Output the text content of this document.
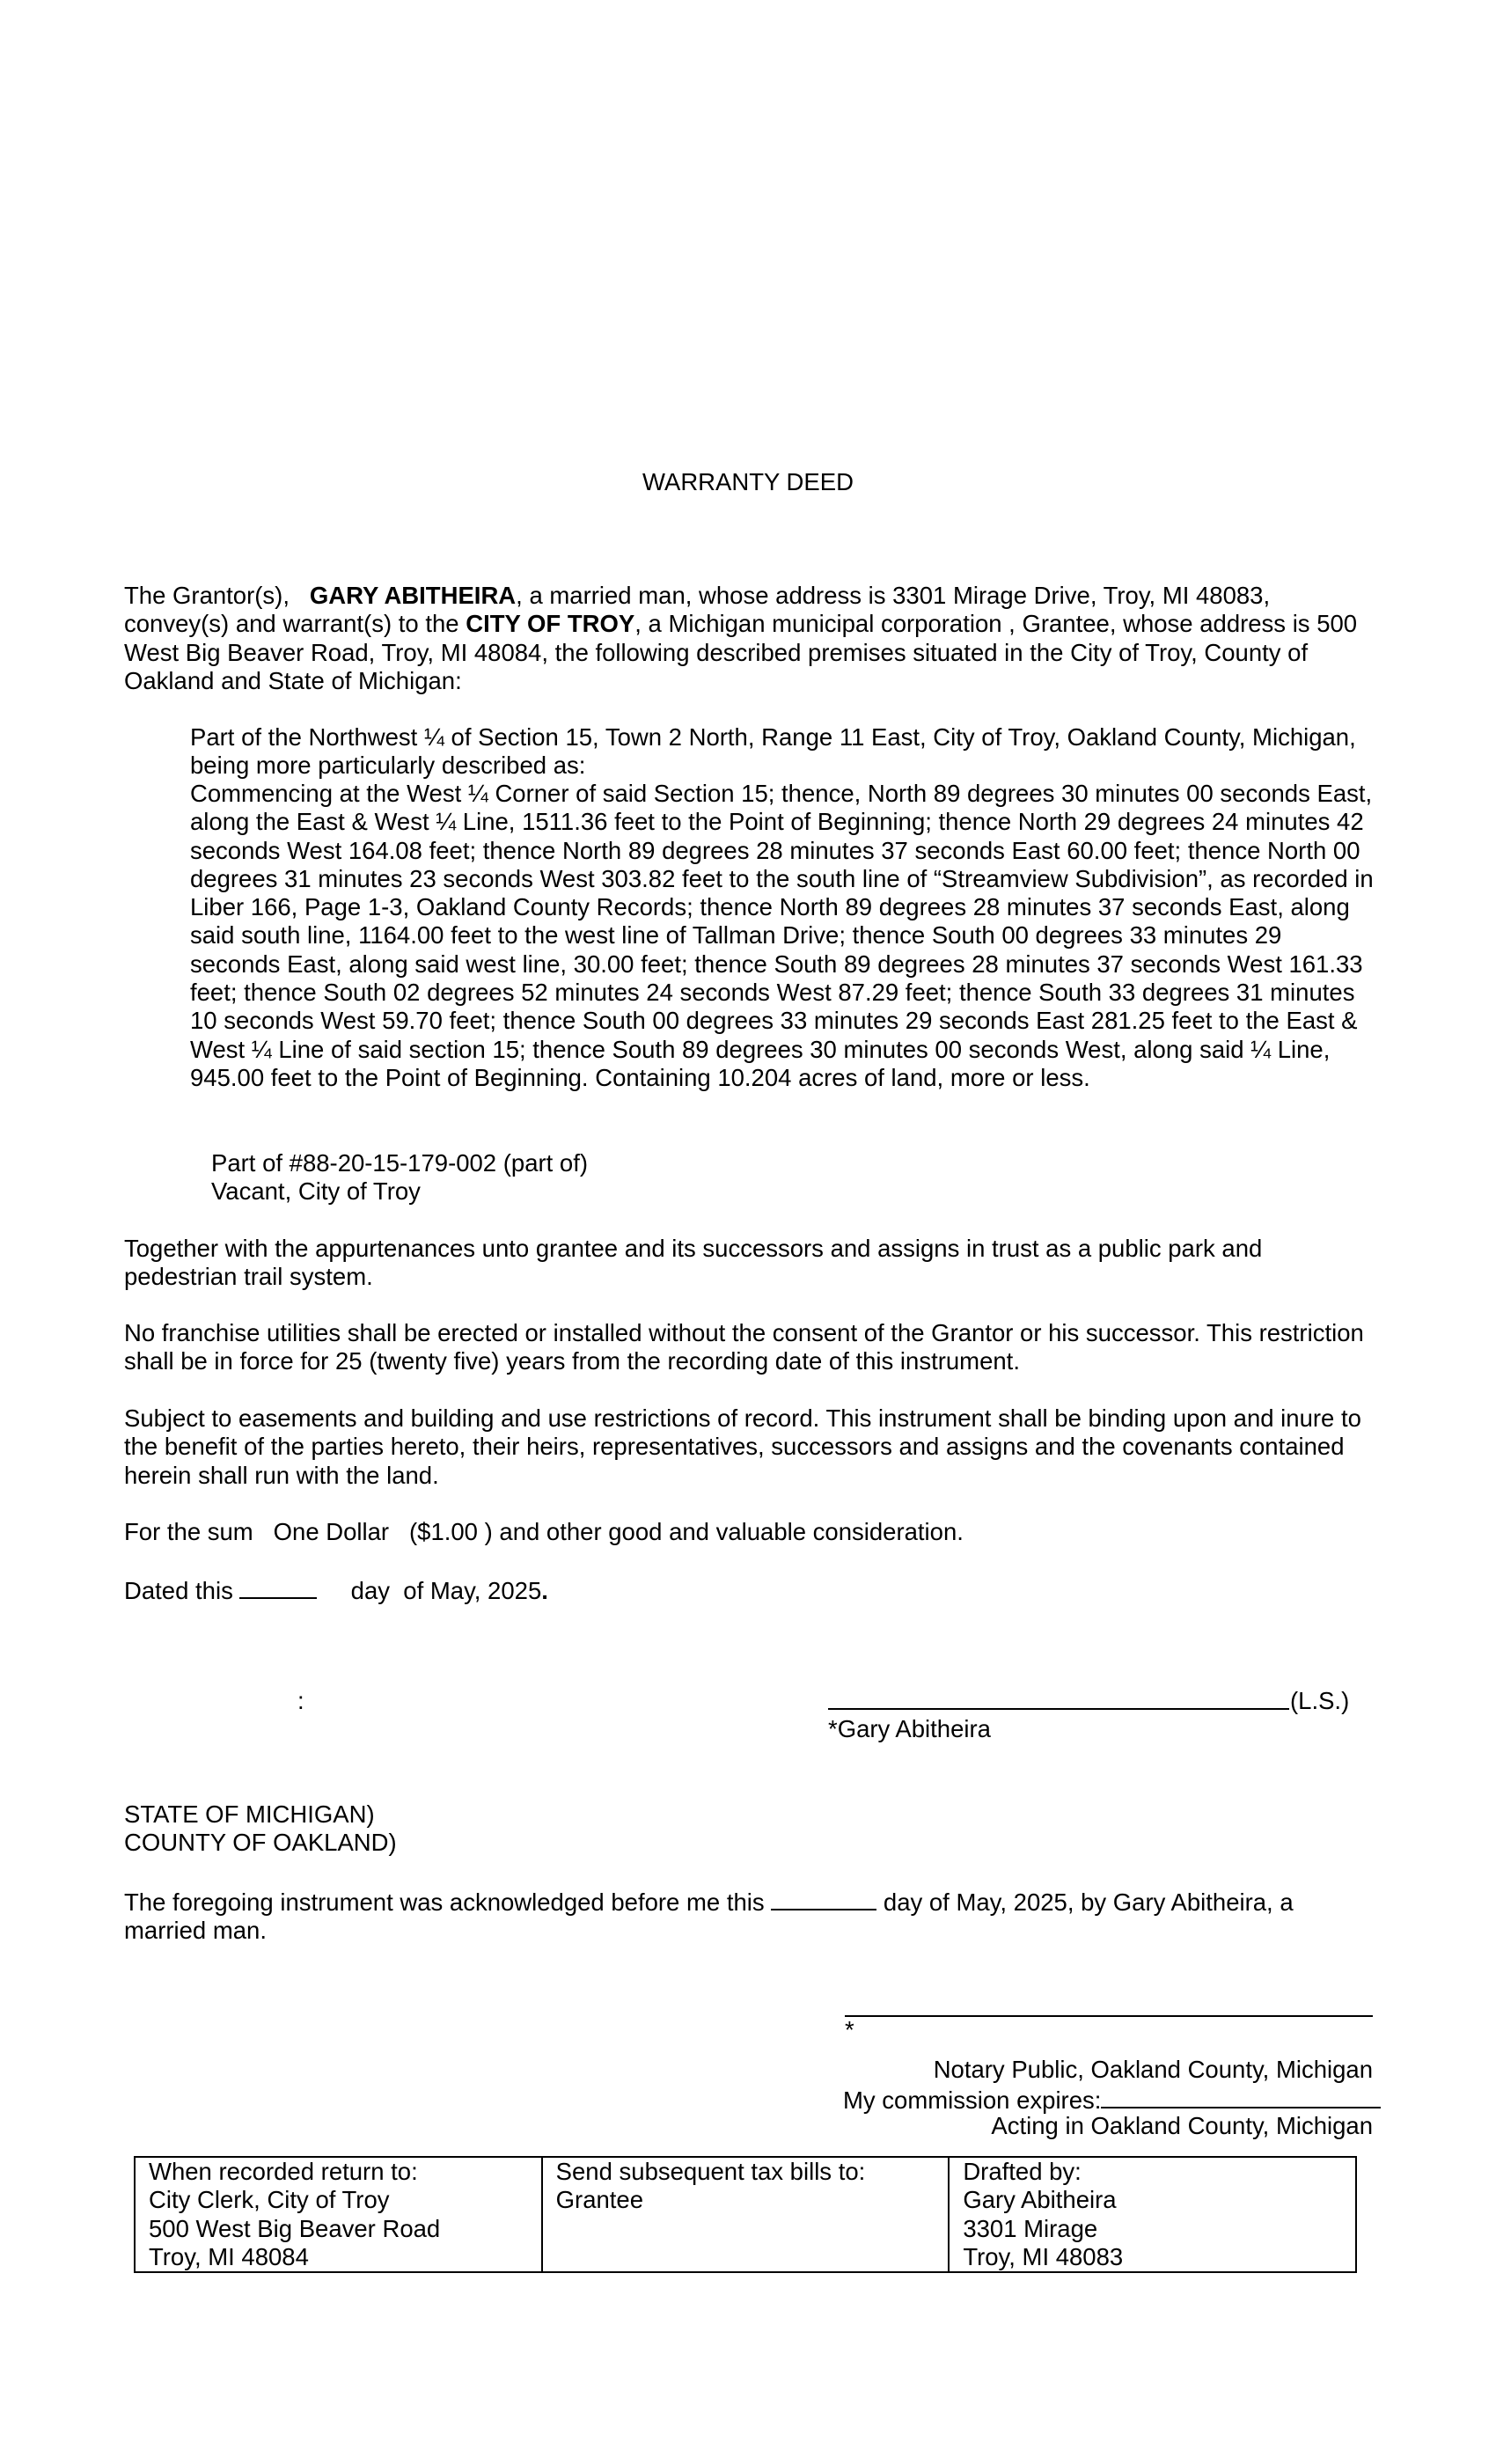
WARRANTY DEED

The Grantor(s),   GARY ABITHEIRA, a married man, whose address is 3301 Mirage Drive, Troy, MI 48083, convey(s) and warrant(s) to the CITY OF TROY, a Michigan municipal corporation , Grantee, whose address is 500 West Big Beaver Road, Troy, MI 48084, the following described premises situated in the City of Troy, County of Oakland and State of Michigan:

Part of the Northwest ¼ of Section 15, Town 2 North, Range 11 East, City of Troy, Oakland County, Michigan, being more particularly described as:

Commencing at the West ¼ Corner of said Section 15; thence, North 89 degrees 30 minutes 00 seconds East, along the East & West ¼ Line, 1511.36 feet to the Point of Beginning; thence North 29 degrees 24 minutes 42 seconds West 164.08 feet; thence North 89 degrees 28 minutes 37 seconds East 60.00 feet; thence North 00 degrees 31 minutes 23 seconds West 303.82 feet to the south line of “Streamview Subdivision”, as recorded in Liber 166, Page 1-3, Oakland County Records; thence North 89 degrees 28 minutes 37 seconds East, along said south line, 1164.00 feet to the west line of Tallman Drive; thence South 00 degrees 33 minutes 29 seconds East, along said west line, 30.00 feet; thence South 89 degrees 28 minutes 37 seconds West 161.33 feet; thence South 02 degrees 52 minutes 24 seconds West 87.29 feet; thence South 33 degrees 31 minutes 10 seconds West 59.70 feet; thence South 00 degrees 33 minutes 29 seconds East 281.25 feet to the East & West ¼ Line of said section 15; thence South 89 degrees 30 minutes 00 seconds West, along said ¼ Line, 945.00 feet to the Point of Beginning. Containing 10.204 acres of land, more or less.

Part of #88-20-15-179-002 (part of)
Vacant, City of Troy

Together with the appurtenances unto grantee and its successors and assigns in trust as a public park and pedestrian trail system.

No franchise utilities shall be erected or installed without the consent of the Grantor or his successor. This restriction shall be in force for 25 (twenty five) years from the recording date of this instrument.

Subject to easements and building and use restrictions of record. This instrument shall be binding upon and inure to the benefit of the parties hereto, their heirs, representatives, successors and assigns and the covenants contained herein shall run with the land.

For the sum   One Dollar   ($1.00 ) and other good and valuable consideration.

Dated this	day  of May, 2025.
:	(L.S.)
*Gary Abitheira
STATE OF MICHIGAN)
COUNTY OF OAKLAND)

The foregoing instrument was acknowledged before me this	day of May, 2025, by Gary Abitheira, a married man.

*
Notary Public, Oakland County, Michigan
My commission expires:
Acting in Oakland County, Michigan
When recorded return to:
City Clerk, City of Troy
500 West Big Beaver Road
Troy, MI 48084

Send subsequent tax bills to:
Grantee

Drafted by:
Gary Abitheira
3301 Mirage
Troy, MI 48083
